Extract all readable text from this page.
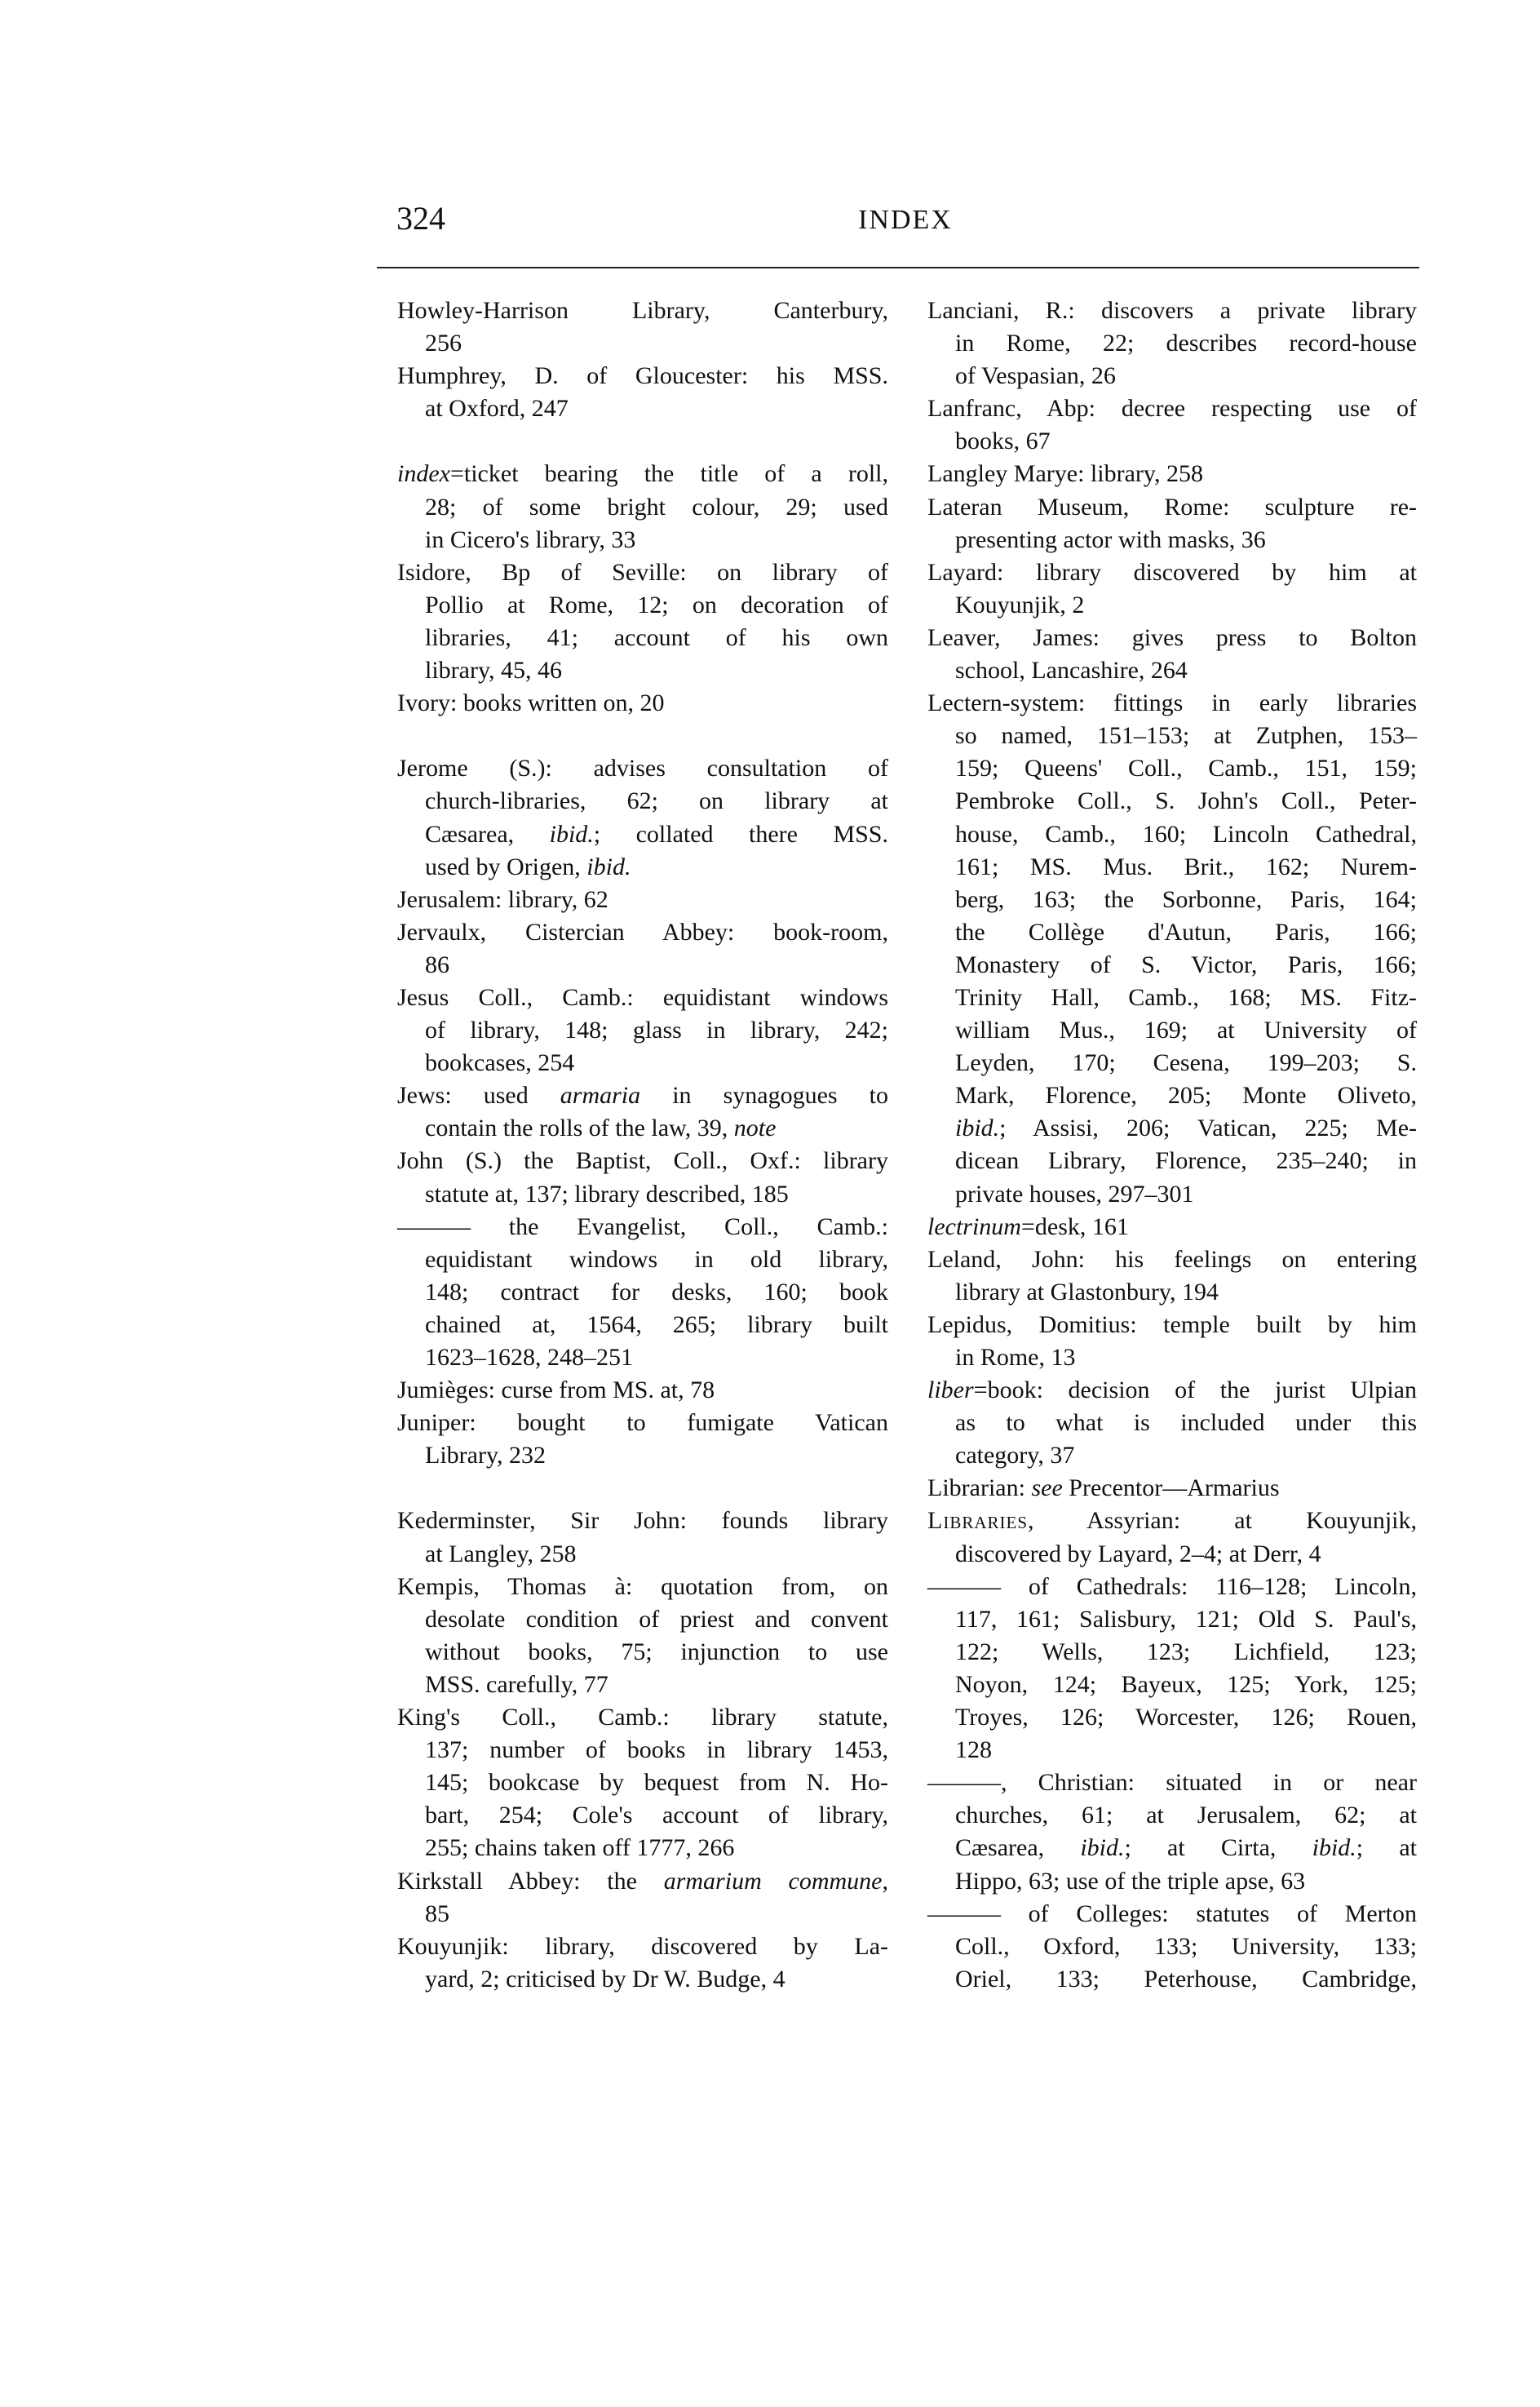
324	INDEX
Howley-Harrison Library, Canterbury,
256
Humphrey, D. of Gloucester: his MSS.
at Oxford, 247
index=ticket bearing the title of a roll,
28; of some bright colour, 29; used
in Cicero's library, 33
Isidore, Bp of Seville: on library of
Pollio at Rome, 12; on decoration of
libraries, 41; account of his own
library, 45, 46
Ivory: books written on, 20
Jerome (S.): advises consultation of
church-libraries, 62; on library at
Cæsarea, ibid.; collated there MSS.
used by Origen, ibid.
Jerusalem: library, 62
Jervaulx, Cistercian Abbey: book-room,
86
Jesus Coll., Camb.: equidistant windows
of library, 148; glass in library, 242;
bookcases, 254
Jews: used armaria in synagogues to
contain the rolls of the law, 39, note
John (S.) the Baptist, Coll., Oxf.: library
statute at, 137; library described, 185
——— the Evangelist, Coll., Camb.:
equidistant windows in old library,
148; contract for desks, 160; book
chained at, 1564, 265; library built
1623–1628, 248–251
Jumièges: curse from MS. at, 78
Juniper: bought to fumigate Vatican
Library, 232
Kederminster, Sir John: founds library
at Langley, 258
Kempis, Thomas à: quotation from, on
desolate condition of priest and convent
without books, 75; injunction to use
MSS. carefully, 77
King's Coll., Camb.: library statute,
137; number of books in library 1453,
145; bookcase by bequest from N. Ho-
bart, 254; Cole's account of library,
255; chains taken off 1777, 266
Kirkstall Abbey: the armarium commune,
85
Kouyunjik: library, discovered by La-
yard, 2; criticised by Dr W. Budge, 4
Lanciani, R.: discovers a private library
in Rome, 22; describes record-house
of Vespasian, 26
Lanfranc, Abp: decree respecting use of
books, 67
Langley Marye: library, 258
Lateran Museum, Rome: sculpture re-
presenting actor with masks, 36
Layard: library discovered by him at
Kouyunjik, 2
Leaver, James: gives press to Bolton
school, Lancashire, 264
Lectern-system: fittings in early libraries
so named, 151–153; at Zutphen, 153–
159; Queens' Coll., Camb., 151, 159;
Pembroke Coll., S. John's Coll., Peter-
house, Camb., 160; Lincoln Cathedral,
161; MS. Mus. Brit., 162; Nurem-
berg, 163; the Sorbonne, Paris, 164;
the Collège d'Autun, Paris, 166;
Monastery of S. Victor, Paris, 166;
Trinity Hall, Camb., 168; MS. Fitz-
william Mus., 169; at University of
Leyden, 170; Cesena, 199–203; S.
Mark, Florence, 205; Monte Oliveto,
ibid.; Assisi, 206; Vatican, 225; Me-
dicean Library, Florence, 235–240; in
private houses, 297–301
lectrinum=desk, 161
Leland, John: his feelings on entering
library at Glastonbury, 194
Lepidus, Domitius: temple built by him
in Rome, 13
liber=book: decision of the jurist Ulpian
as to what is included under this
category, 37
Librarian: see Precentor—Armarius
Libraries, Assyrian: at Kouyunjik,
discovered by Layard, 2–4; at Derr, 4
——— of Cathedrals: 116–128; Lincoln,
117, 161; Salisbury, 121; Old S. Paul's,
122; Wells, 123; Lichfield, 123;
Noyon, 124; Bayeux, 125; York, 125;
Troyes, 126; Worcester, 126; Rouen,
128
———, Christian: situated in or near
churches, 61; at Jerusalem, 62; at
Cæsarea, ibid.; at Cirta, ibid.; at
Hippo, 63; use of the triple apse, 63
——— of Colleges: statutes of Merton
Coll., Oxford, 133; University, 133;
Oriel, 133; Peterhouse, Cambridge,
